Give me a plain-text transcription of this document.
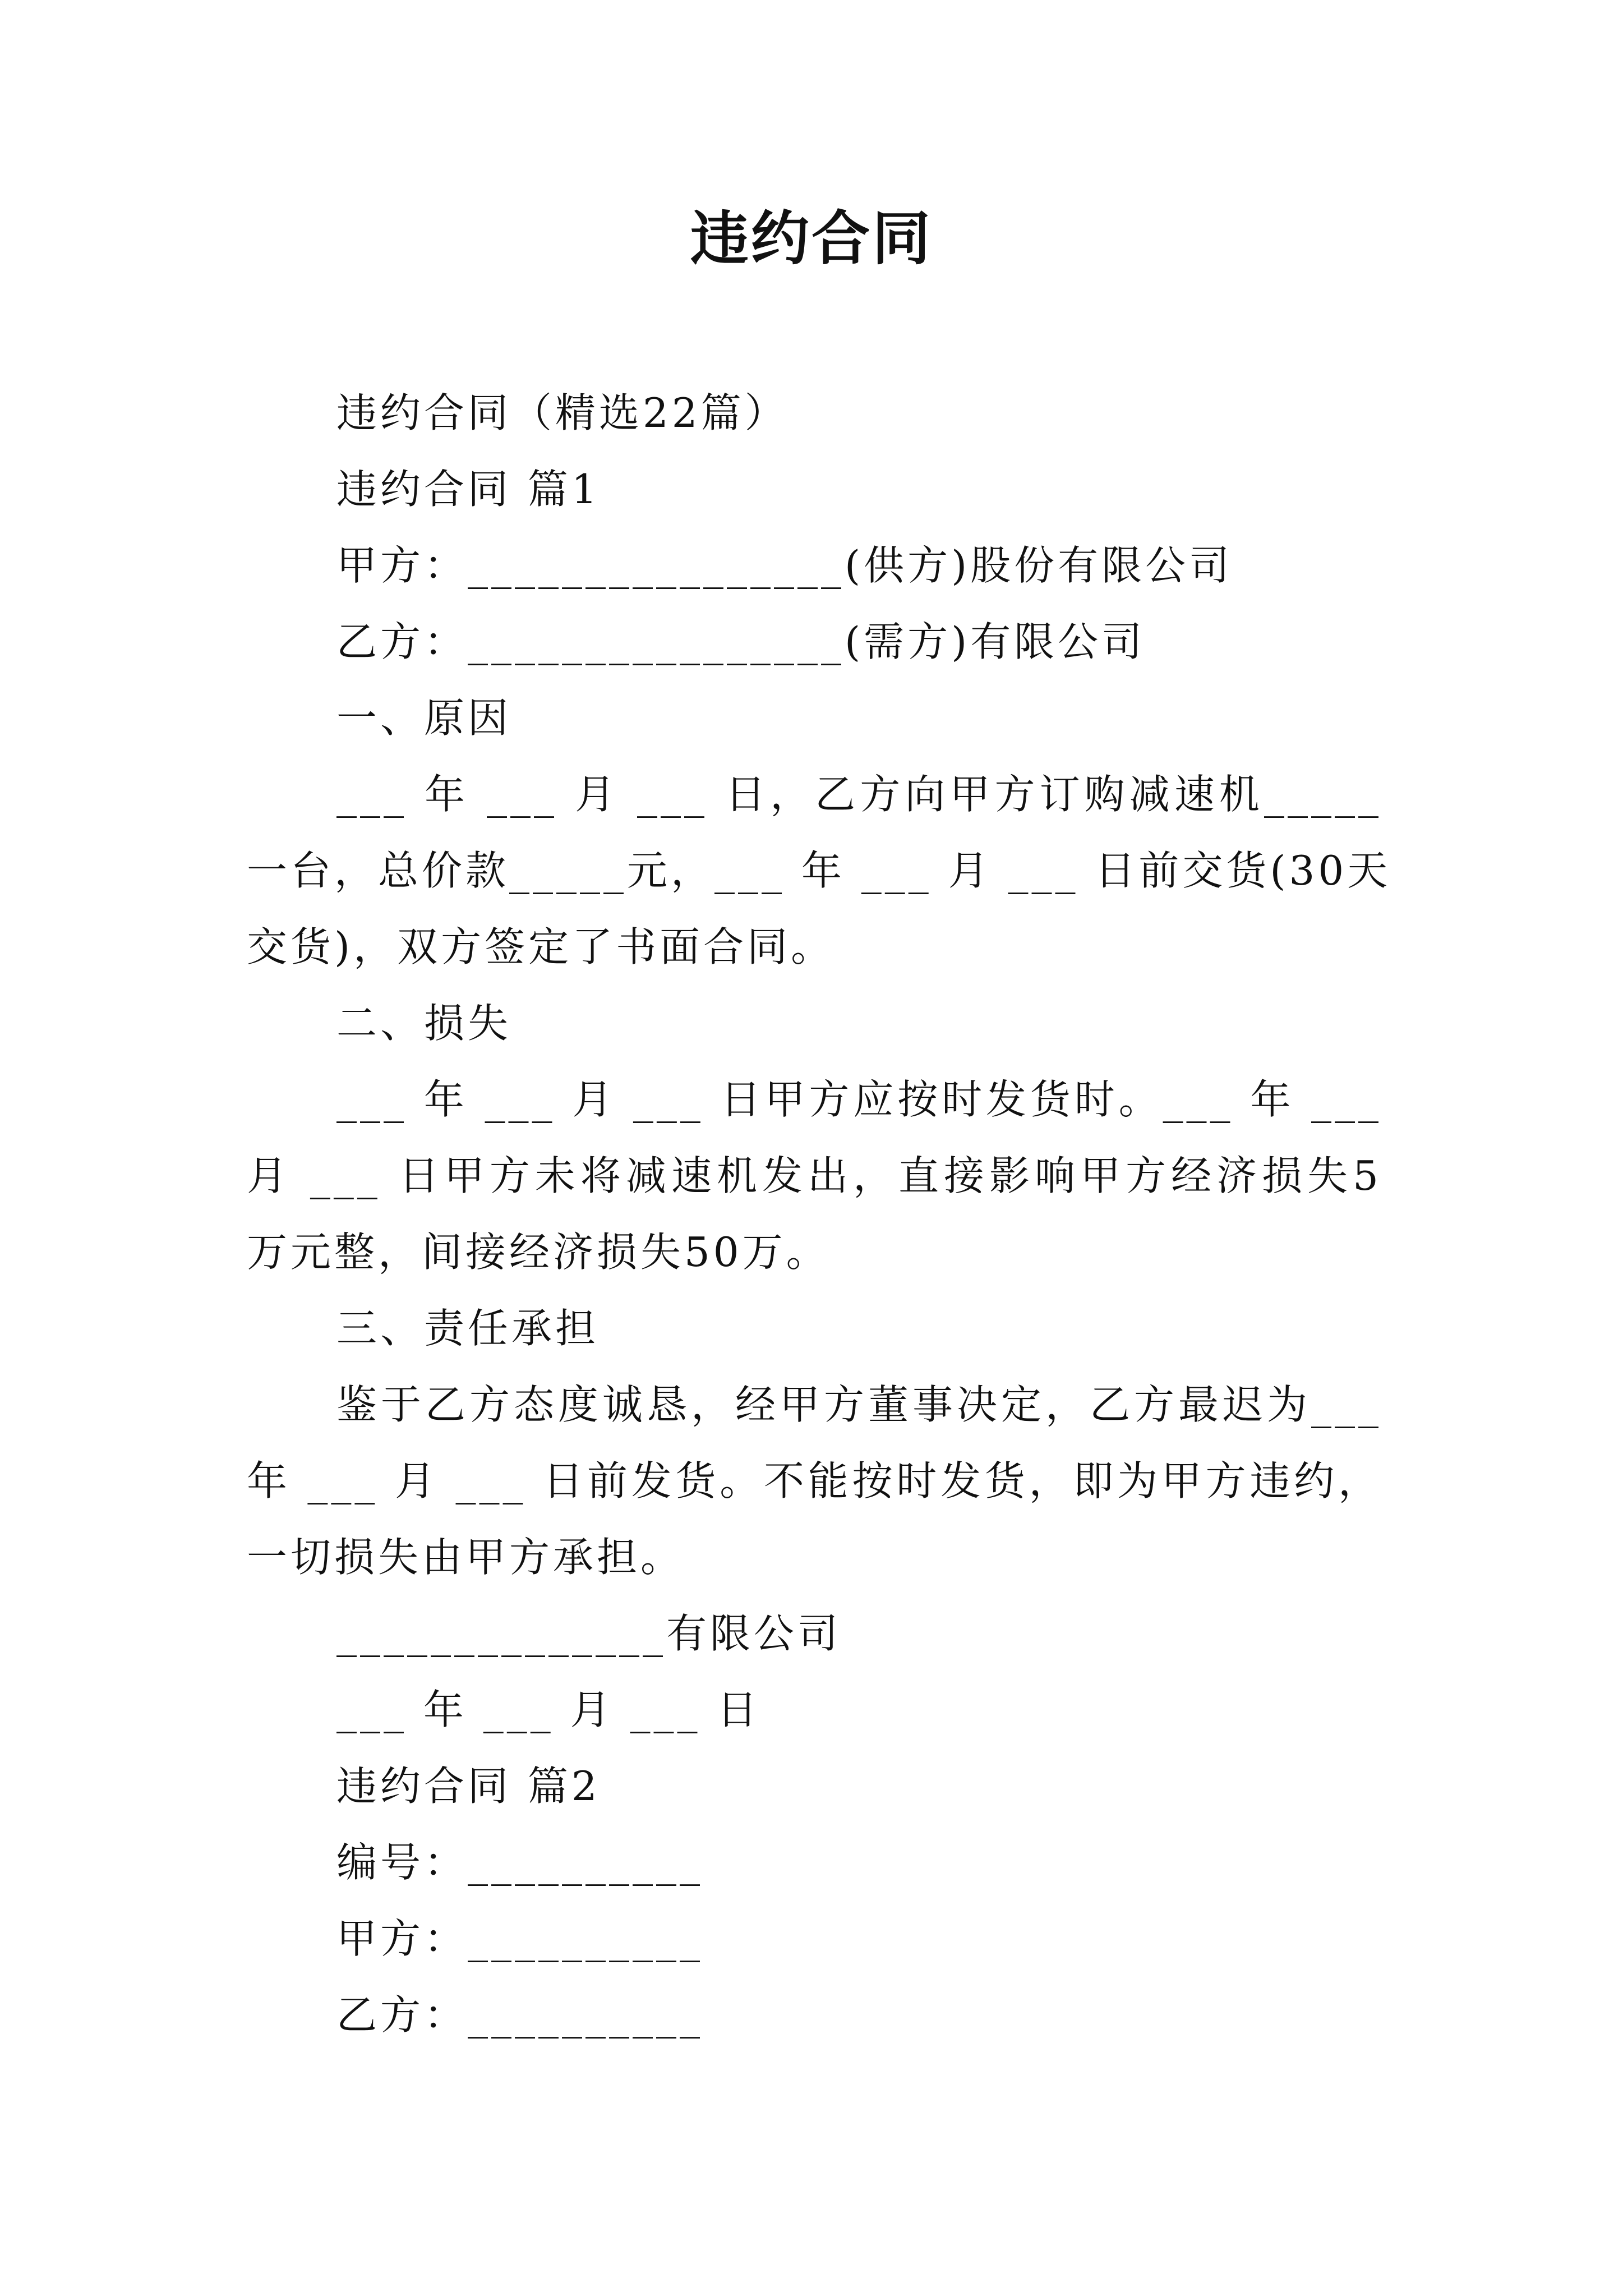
违约合同
违约合同（精选22篇）
违约合同 篇1
甲方：________________(供方)股份有限公司
乙方：________________(需方)有限公司
一、原因
___ 年 ___ 月 ___ 日，乙方向甲方订购减速机_____
一台，总价款_____元，___ 年 ___ 月 ___ 日前交货(30天
交货)，双方签定了书面合同。
二、损失
___ 年 ___ 月 ___ 日甲方应按时发货时。___ 年 ___
月 ___ 日甲方未将减速机发出，直接影响甲方经济损失5
万元整，间接经济损失50万。
三、责任承担
鉴于乙方态度诚恳，经甲方董事决定，乙方最迟为___
年 ___ 月 ___ 日前发货。不能按时发货，即为甲方违约，
一切损失由甲方承担。
______________有限公司
___ 年 ___ 月 ___ 日
违约合同 篇2
编号：__________
甲方：__________
乙方：__________
